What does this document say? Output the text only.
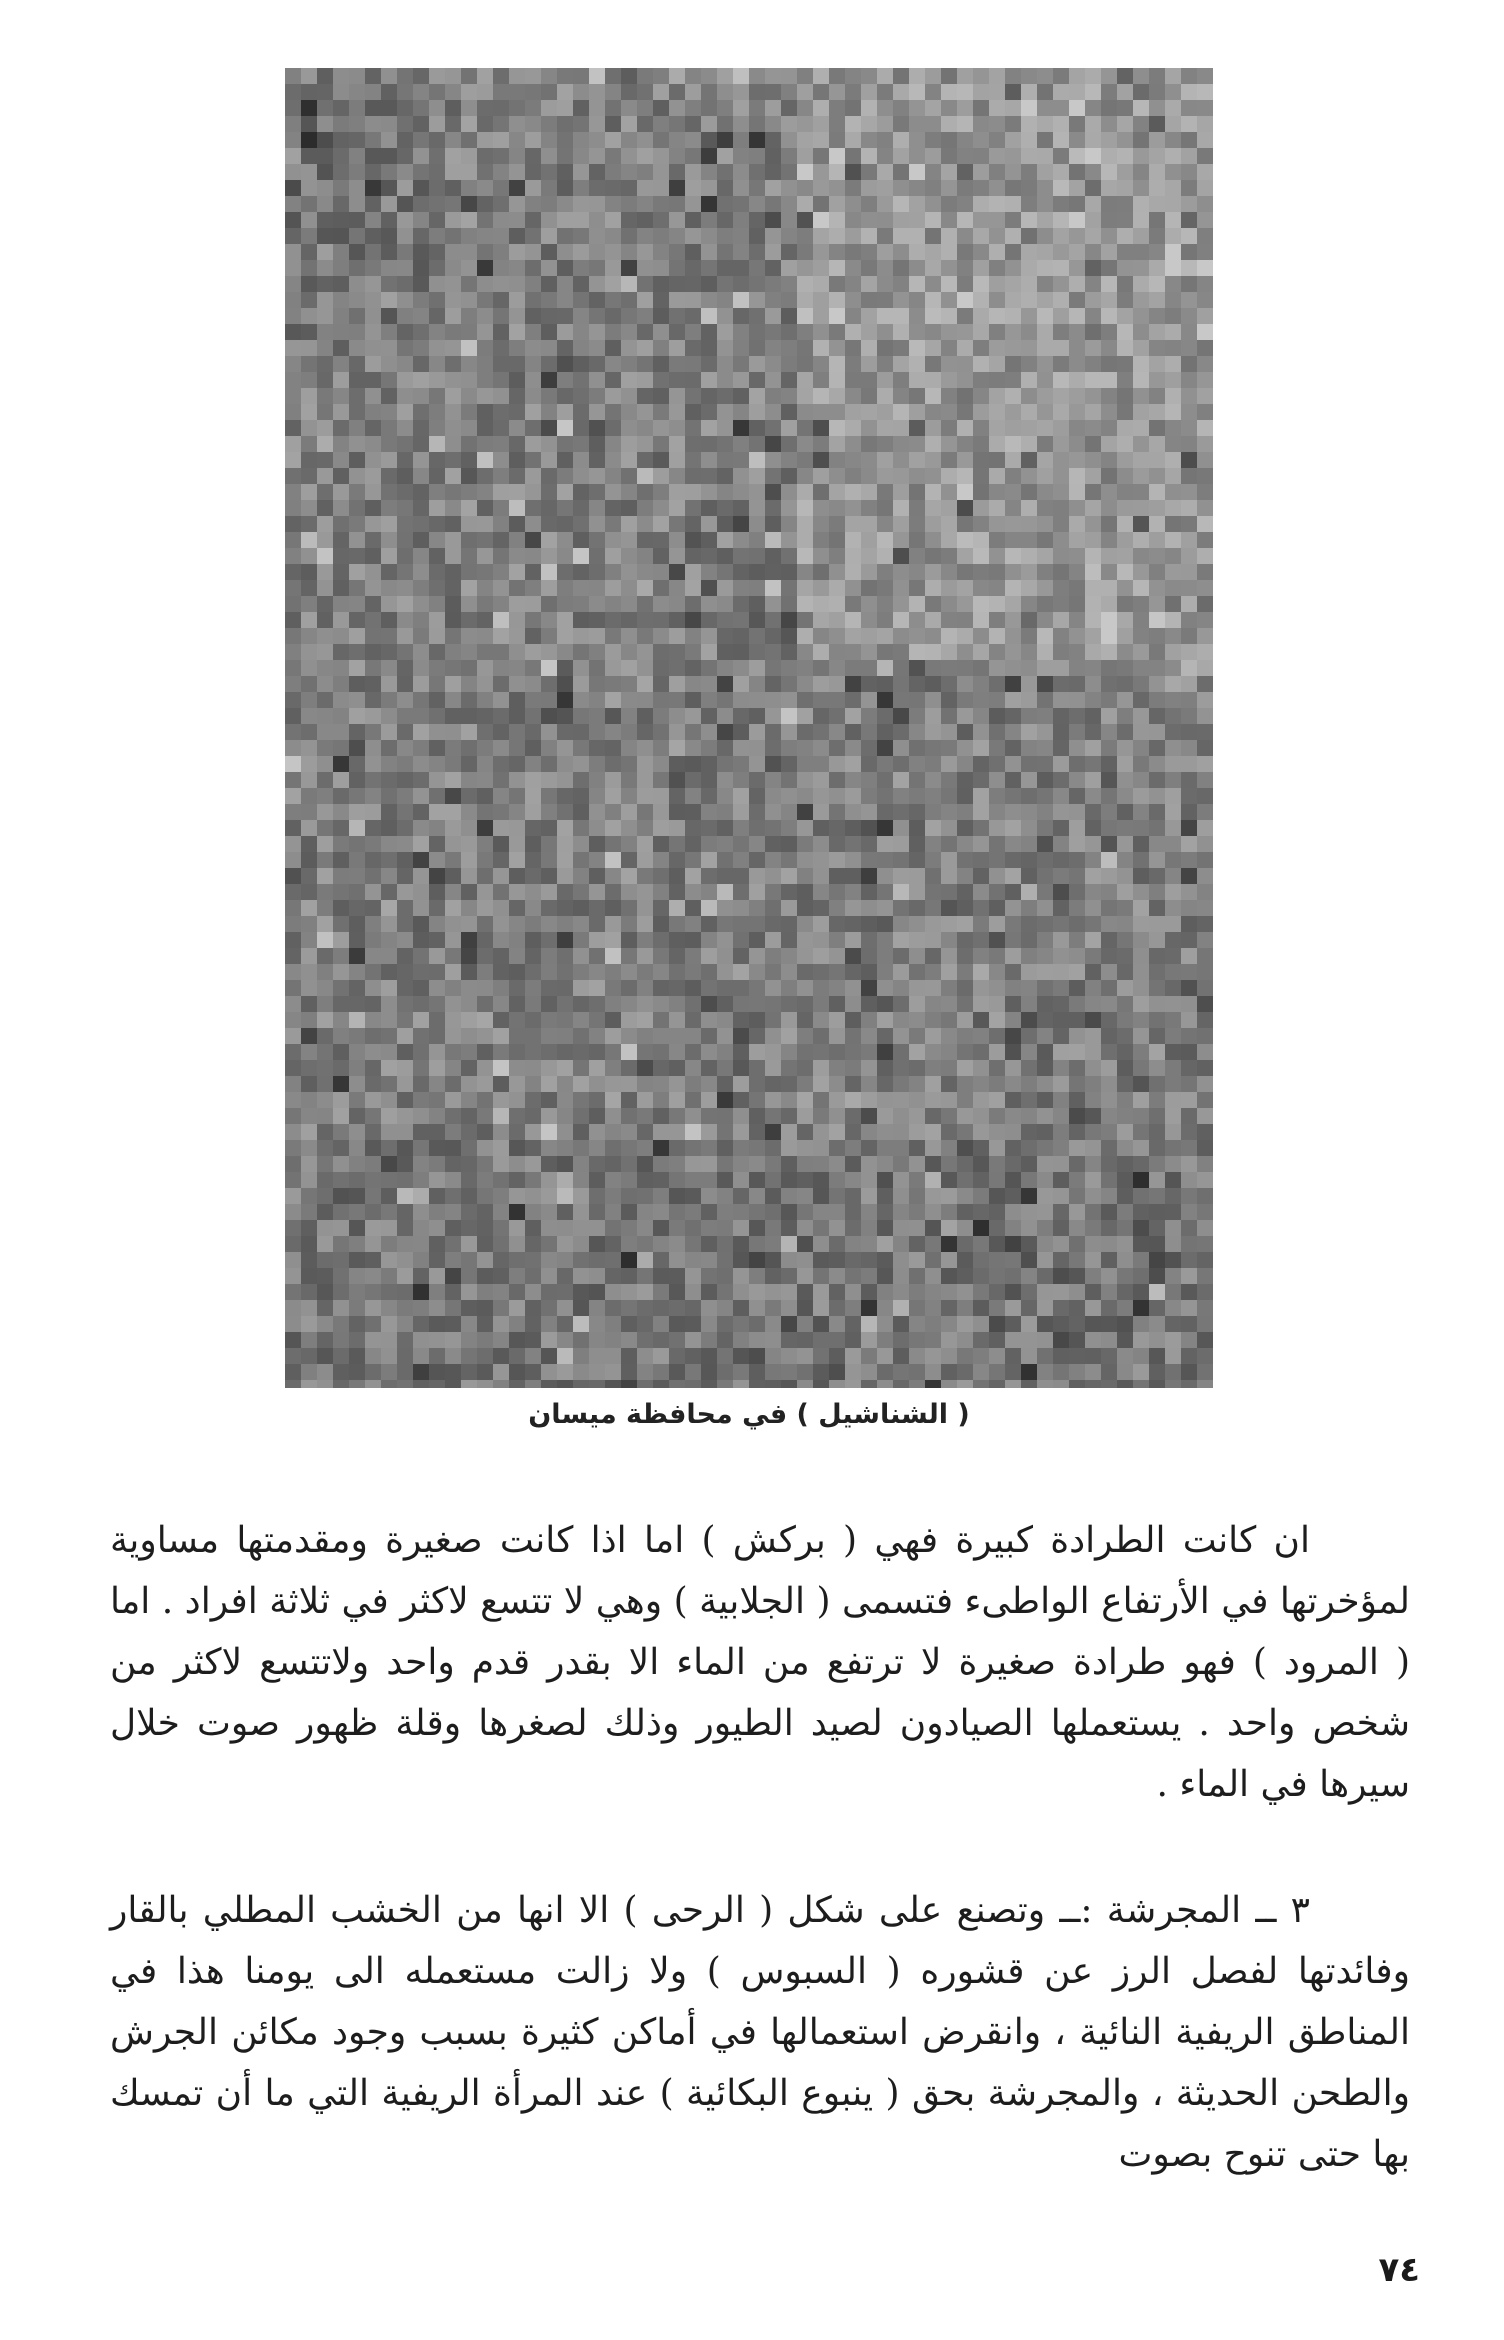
( الشناشيل ) في محافظة ميسان

ان كانت الطرادة كبيرة فهي ( بركش ) اما اذا كانت صغيرة ومقدمتها مساوية لمؤخرتها في الأرتفاع الواطىء فتسمى ( الجلابية ) وهي لا تتسع لاكثر في ثلاثة افراد . اما ( المرود ) فهو طرادة صغيرة لا ترتفع من الماء الا بقدر قدم واحد ولاتتسع لاكثر من شخص واحد . يستعملها الصيادون لصيد الطيور وذلك لصغرها وقلة ظهور صوت خلال سيرها في الماء .

٣ ــ المجرشة :ــ وتصنع على شكل ( الرحى ) الا انها من الخشب المطلي بالقار وفائدتها لفصل الرز عن قشوره ( السبوس ) ولا زالت مستعمله الى يومنا هذا في المناطق الريفية النائية ، وانقرض استعمالها في أماكن كثيرة بسبب وجود مكائن الجرش والطحن الحديثة ، والمجرشة بحق ( ينبوع البكائية ) عند المرأة الريفية التي ما أن تمسك بها حتى تنوح بصوت

٧٤
